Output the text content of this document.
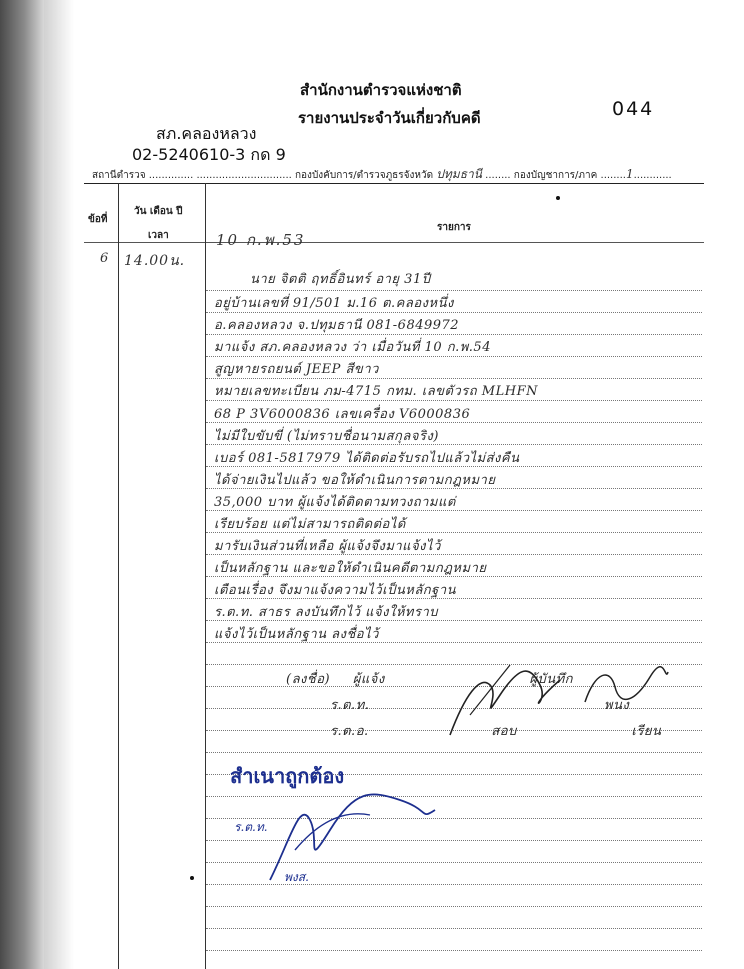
สำนักงานตำรวจแห่งชาติ
รายงานประจำวันเกี่ยวกับคดี	044
สภ.คลองหลวง
02-5240610-3 กด 9
สถานีตำรวจ .............. .............................. กองบังคับการ/ตำรวจภูธรจังหวัด ปทุมธานี ........ กองบัญชาการ/ภาค ........1............
ข้อที่
วัน เดือน ปี
เวลา
รายการ
10 ก.พ.53
6 14.00น.
นาย จิตติ ฤทธิ์อินทร์ อายุ 31ปี
อยู่บ้านเลขที่ 91/501 ม.16 ต.คลองหนึ่ง
อ.คลองหลวง จ.ปทุมธานี 081-6849972
มาแจ้ง สภ.คลองหลวง ว่า เมื่อวันที่ 10 ก.พ.54
สูญหายรถยนต์ JEEP สีขาว
หมายเลขทะเบียน ภม-4715 กทม. เลขตัวรถ MLHFN
68 P 3V6000836 เลขเครื่อง V6000836
ไม่มีใบขับขี่ (ไม่ทราบชื่อนามสกุลจริง)
เบอร์ 081-5817979 ได้ติดต่อรับรถไปแล้วไม่ส่งคืน
ได้จ่ายเงินไปแล้ว ขอให้ดำเนินการตามกฎหมาย
35,000 บาท ผู้แจ้งได้ติดตามทวงถามแต่
เรียบร้อย แต่ไม่สามารถติดต่อได้
มารับเงินส่วนที่เหลือ ผู้แจ้งจึงมาแจ้งไว้
เป็นหลักฐาน และขอให้ดำเนินคดีตามกฎหมาย
เตือนเรื่อง จึงมาแจ้งความไว้เป็นหลักฐาน
ร.ต.ท. สาธร ลงบันทึกไว้ แจ้งให้ทราบ
แจ้งไว้เป็นหลักฐาน ลงชื่อไว้
(ลงชื่อ) ผู้แจ้ง	ผู้บันทึก
ร.ต.ท.	พนง
ร.ต.อ.	สอบ	เรียน
สำเนาถูกต้อง
ร.ต.ท.
พงส.
